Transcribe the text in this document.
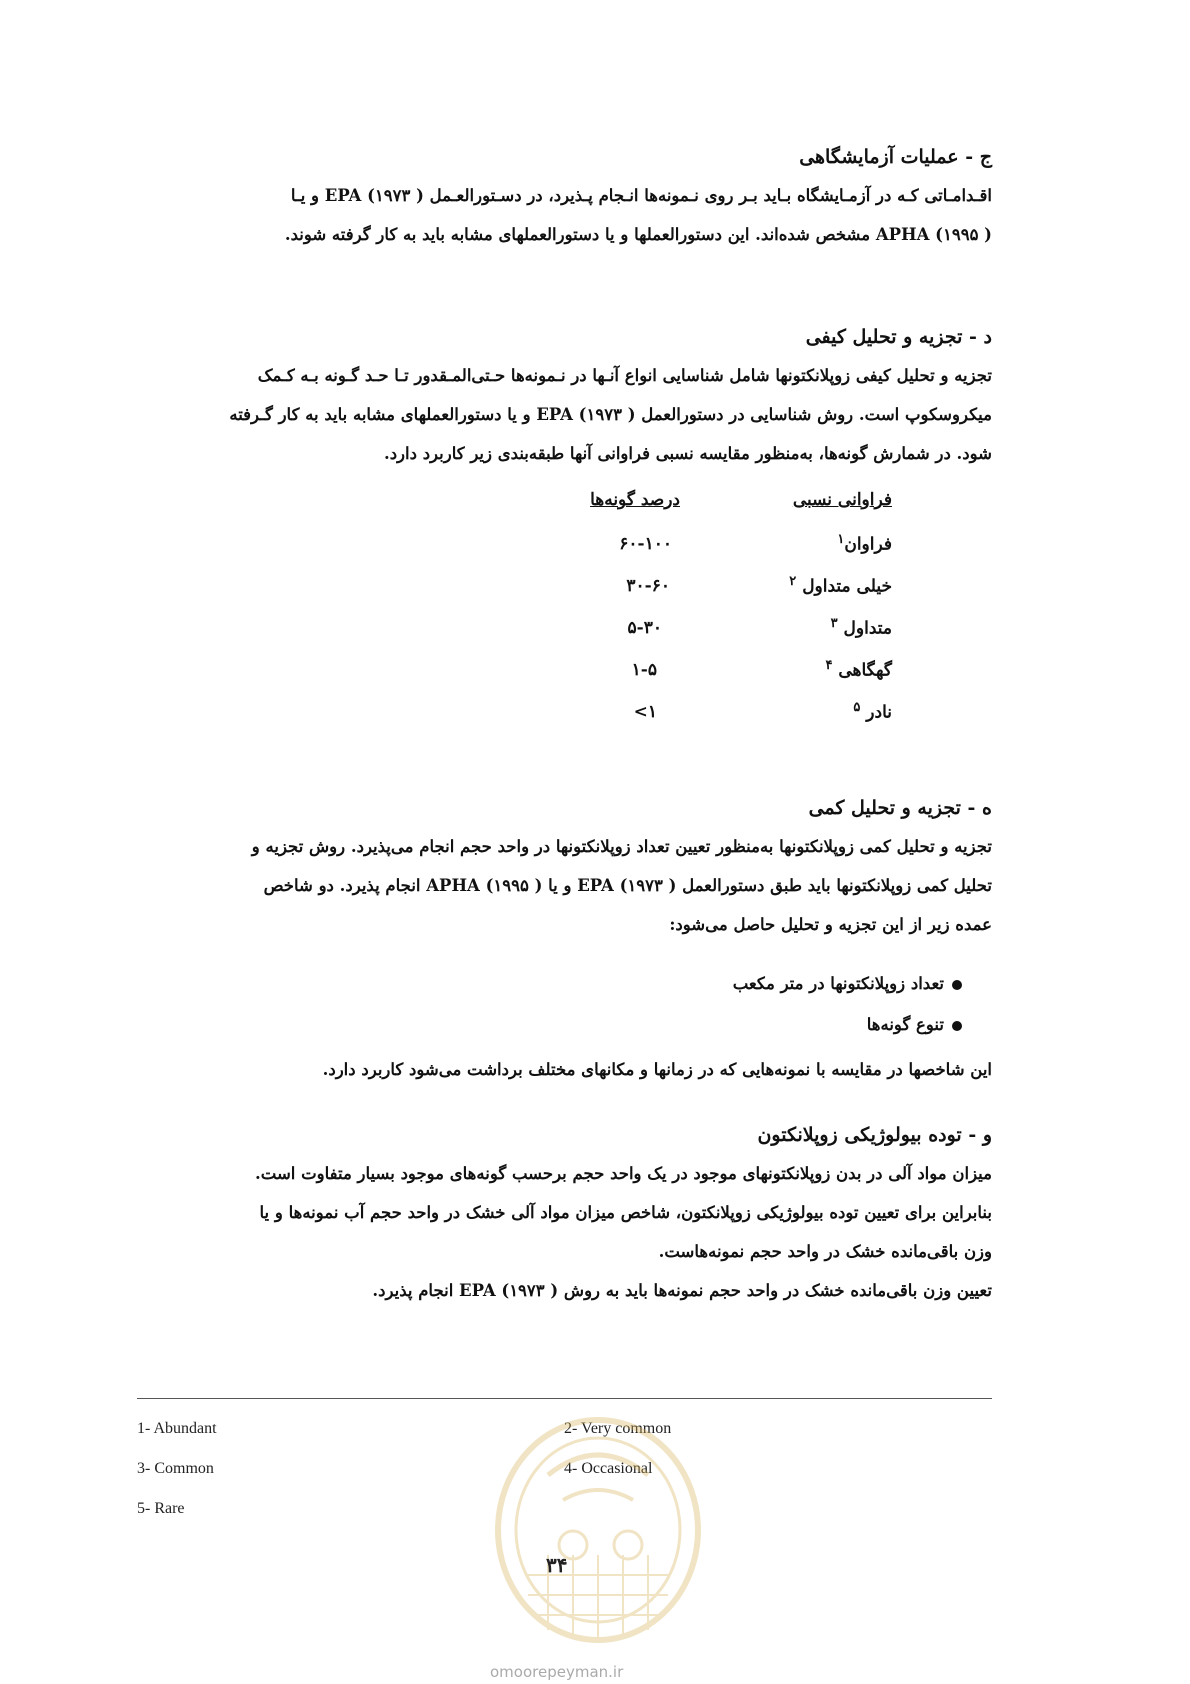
ج - عملیات آزمایشگاهی
اقـدامـاتی کـه در آزمـایشگاه بـاید بـر روی نـمونه‌ها انـجام پـذیرد، در دسـتورالعـمل ( ۱۹۷۳) EPA و یـا
( ۱۹۹۵) APHA مشخص شده‌اند. این دستورالعملها و یا دستورالعملهای مشابه باید به کار گرفته شوند.
د - تجزیه و تحلیل کیفی
تجزیه و تحلیل کیفی زوپلانکتونها شامل شناسایی انواع آنـها در نـمونه‌ها حـتی‌المـقدور تـا حـد گـونه بـه کـمک
میکروسکوپ است. روش شناسایی در دستورالعمل ( ۱۹۷۳) EPA و یا دستورالعملهای مشابه باید به کار گـرفته
شود. در شمارش گونه‌ها، به‌منظور مقایسه نسبی فراوانی آنها طبقه‌بندی زیر کاربرد دارد.
فراوانی نسبی
درصد گونه‌ها
فراوان$^۱$
۶۰-۱۰۰
خیلی متداول $^۲$
۳۰-۶۰
متداول $^۳$
۵-۳۰
گهگاهی $^۴$
۱-۵
نادر $^۵$
۱>
ه - تجزیه و تحلیل کمی
تجزیه و تحلیل کمی زوپلانکتونها به‌منظور تعیین تعداد زوپلانکتونها در واحد حجم انجام می‌پذیرد. روش تجزیه و
تحلیل کمی زوپلانکتونها باید طبق دستورالعمل ( ۱۹۷۳) EPA و یا ( ۱۹۹۵) APHA انجام پذیرد. دو شاخص
عمده زیر از این تجزیه و تحلیل حاصل می‌شود:
تعداد زوپلانکتونها در متر مکعب
تنوع گونه‌ها
این شاخصها در مقایسه با نمونه‌هایی که در زمانها و مکانهای مختلف برداشت می‌شود کاربرد دارد.
و - توده بیولوژیکی زوپلانکتون
میزان مواد آلی در بدن زوپلانکتونهای موجود در یک واحد حجم برحسب گونه‌های موجود بسیار متفاوت است.
بنابراین برای تعیین توده بیولوژیکی زوپلانکتون، شاخص میزان مواد آلی خشک در واحد حجم آب نمونه‌ها و یا
وزن باقی‌مانده خشک در واحد حجم نمونه‌هاست.
تعیین وزن باقی‌مانده خشک در واحد حجم نمونه‌ها باید به روش ( ۱۹۷۳) EPA انجام پذیرد.
1- Abundant	2- Very common
3- Common	4- Occasional
5- Rare
۳۴
omoorepeyman.ir
